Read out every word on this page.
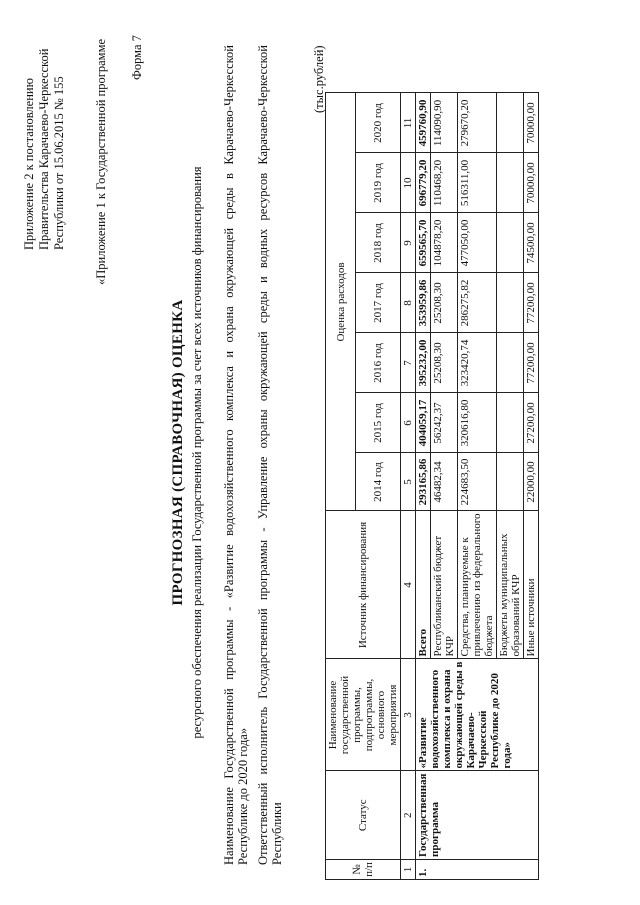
Приложение 2 к постановлению Правительства Карачаево-Черкесской Республики от 15.06.2015 № 155 «Приложение 1 к Государственной программе Форма 7
ПРОГНОЗНАЯ (СПРАВОЧНАЯ) ОЦЕНКА ресурсного обеспечения реализации Государственной программы за счет всех источников финансирования Наименование Государственной программы - «Развитие водохозяйственного комплекса и охрана окружающей среды в Карачаево-Черкесской Республике до 2020 года» Ответственный исполнитель Государственной программы - Управление охраны окружающей среды и водных ресурсов Карачаево-Черкесской Республики
(тыс.рублей)
№ п/п	Статус	Наименование государственной программы, подпрограммы, основного мероприятия	Источник финансирования	Оценка расходов						
				2014 год	2015 год	2016 год	2017 год	2018 год	2019 год	2020 год
1	2	3	4	5	6	7	8	9	10	11
1.	Государственная программа	«Развитие водохозяйственного комплекса и охрана окружающей среды в Карачаево-Черкесской Республике до 2020 года»	Всего	293165,86	404059,17	395232,00	353959,86	659565,70	696779,20	459760,90
			Республиканский бюджет КЧР	46482,34	56242,37	25208,30	25208,30	104878,20	110468,20	114090,90
			Средства, планируемые к привлечению из федерального бюджета	224683,50	320616,80	323420,74	286275,82	477050,00	516311,00	279670,20
			Бюджеты муниципальных образований КЧР							
			Иные источники	22000,00	27200,00	77200,00	77200,00	74500,00	70000,00	70000,00
